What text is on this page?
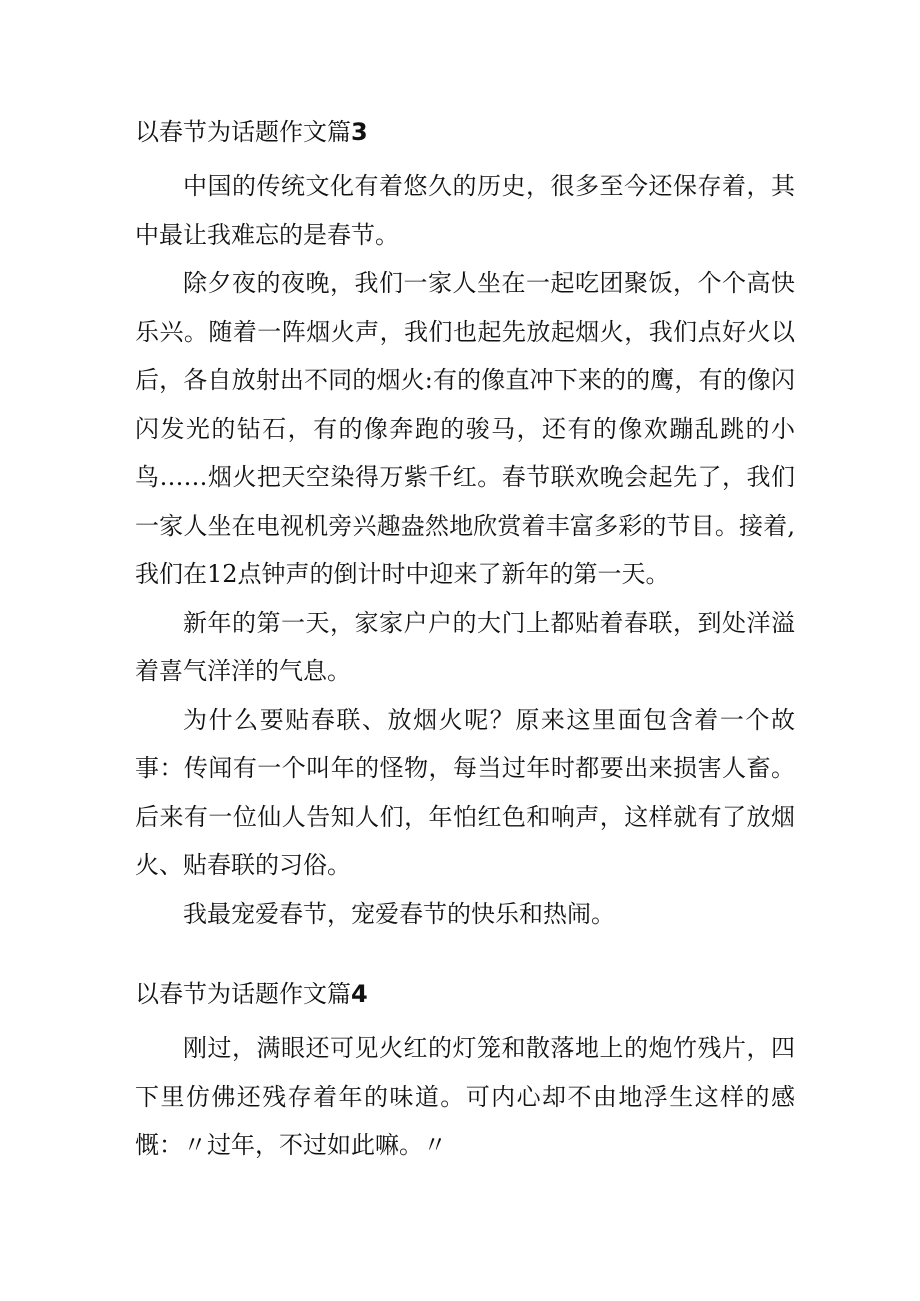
以春节为话题作文篇3

中国的传统文化有着悠久的历史，很多至今还保存着，其中最让我难忘的是春节。

除夕夜的夜晚，我们一家人坐在一起吃团聚饭，个个高快乐兴。随着一阵烟火声，我们也起先放起烟火，我们点好火以后，各自放射出不同的烟火:有的像直冲下来的的鹰，有的像闪闪发光的钻石，有的像奔跑的骏马，还有的像欢蹦乱跳的小鸟……烟火把天空染得万紫千红。春节联欢晚会起先了，我们一家人坐在电视机旁兴趣盎然地欣赏着丰富多彩的节目。接着,我们在12点钟声的倒计时中迎来了新年的第一天。

新年的第一天，家家户户的大门上都贴着春联，到处洋溢着喜气洋洋的气息。

为什么要贴春联、放烟火呢？原来这里面包含着一个故事：传闻有一个叫年的怪物，每当过年时都要出来损害人畜。后来有一位仙人告知人们，年怕红色和响声，这样就有了放烟火、贴春联的习俗。

我最宠爱春节，宠爱春节的快乐和热闹。

以春节为话题作文篇4

刚过，满眼还可见火红的灯笼和散落地上的炮竹残片，四下里仿佛还残存着年的味道。可内心却不由地浮生这样的感慨：〃过年，不过如此嘛。〃
